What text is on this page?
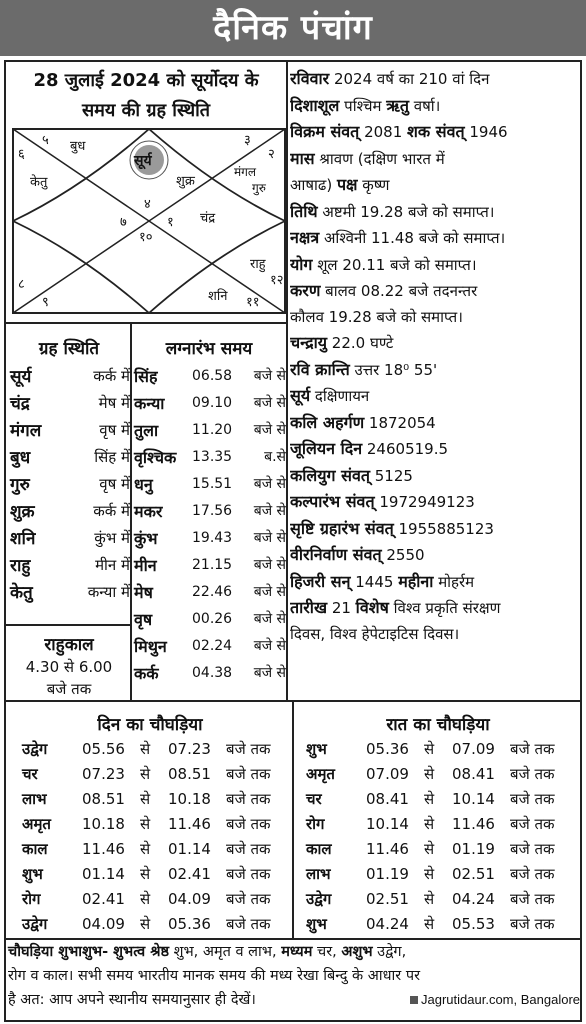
दैनिक पंचांग
28 जुलाई 2024 को सूर्योदय के
समय की ग्रह स्थिति
५
६
बुध
केतु
सूर्य
शुक्र
३
२
मंगल
गुरु
४
७	१
१०
चंद्र
राहु
१२
८
९	शनि ११
ग्रह स्थिति
सूर्य	कर्क में
चंद्र	मेष में
मंगल	वृष में
बुध	सिंह में
गुरु	वृष में
शुक्र	कर्क में
शनि	कुंभ में
राहु	मीन में
केतु	कन्या में
राहुकाल
4.30 से 6.00
बजे तक
लग्नारंभ समय
सिंह	06.58	बजे से
कन्या	09.10	बजे से
तुला	11.20	बजे से
वृश्चिक	13.35	ब.से
धनु	15.51	बजे से
मकर	17.56	बजे से
कुंभ	19.43	बजे से
मीन	21.15	बजे से
मेष	22.46	बजे से
वृष	00.26	बजे से
मिथुन	02.24	बजे से
कर्क	04.38	बजे से
रविवार 2024 वर्ष का 210 वां दिन
दिशाशूल पश्चिम ऋतु वर्षा।
विक्रम संवत् 2081 शक संवत् 1946
मास श्रावण (दक्षिण भारत में
आषाढ) पक्ष कृष्ण
तिथि अष्टमी 19.28 बजे को समाप्त।
नक्षत्र अश्विनी 11.48 बजे को समाप्त।
योग शूल 20.11 बजे को समाप्त।
करण बालव 08.22 बजे तदनन्तर
कौलव 19.28 बजे को समाप्त।
चन्द्रायु 22.0 घण्टे
रवि क्रान्ति उत्तर 18⁰ 55'
सूर्य दक्षिणायन
कलि अहर्गण 1872054
जूलियन दिन 2460519.5
कलियुग संवत् 5125
कल्पारंभ संवत् 1972949123
सृष्टि ग्रहारंभ संवत् 1955885123
वीरनिर्वाण संवत् 2550
हिजरी सन् 1445 महीना मोहर्रम
तारीख 21 विशेष विश्व प्रकृति संरक्षण
दिवस, विश्व हेपेटाइटिस दिवस।
दिन का चौघड़िया
उद्वेग	05.56	से	07.23	बजे तक
चर	07.23	से	08.51	बजे तक
लाभ	08.51	से	10.18	बजे तक
अमृत	10.18	से	11.46	बजे तक
काल	11.46	से	01.14	बजे तक
शुभ	01.14	से	02.41	बजे तक
रोग	02.41	से	04.09	बजे तक
उद्वेग	04.09	से	05.36	बजे तक
रात का चौघड़िया
शुभ	05.36	से	07.09	बजे तक
अमृत	07.09	से	08.41	बजे तक
चर	08.41	से	10.14	बजे तक
रोग	10.14	से	11.46	बजे तक
काल	11.46	से	01.19	बजे तक
लाभ	01.19	से	02.51	बजे तक
उद्वेग	02.51	से	04.24	बजे तक
शुभ	04.24	से	05.53	बजे तक
चौघड़िया शुभाशुभ- शुभत्व श्रेष्ठ शुभ, अमृत व लाभ, मध्यम चर, अशुभ उद्वेग,
रोग व काल। सभी समय भारतीय मानक समय की मध्य रेखा बिन्दु के आधार पर
है अत: आप अपने स्थानीय समयानुसार ही देखें।	Jagrutidaur.com, Bangalore
